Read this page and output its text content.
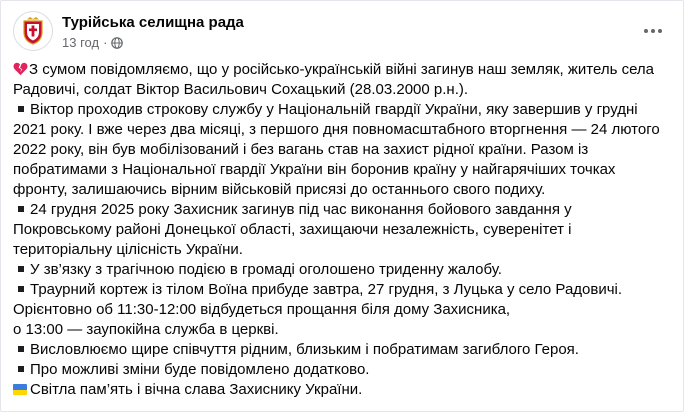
Турійська селищна рада
13 год ·
З сумом повідомляємо, що у російсько-українській війні загинув наш земляк, житель села Радовичі, солдат Віктор Васильович Сохацький (28.03.2000 р.н.).
Віктор проходив строкову службу у Національній гвардії України, яку завершив у грудні 2021 року. І вже через два місяці, з першого дня повномасштабного вторгнення — 24 лютого 2022 року, він був мобілізований і без вагань став на захист рідної країни. Разом із побратимами з Національної гвардії України він боронив країну у найгарячіших точках фронту, залишаючись вірним військовій присязі до останнього свого подиху.
24 грудня 2025 року Захисник загинув під час виконання бойового завдання у Покровському районі Донецької області, захищаючи незалежність, суверенітет і територіальну цілісність України.
У зв’язку з трагічною подією в громаді оголошено триденну жалобу.
Траурний кортеж із тілом Воїна прибуде завтра, 27 грудня, з Луцька у село Радовичі.
Орієнтовно об 11:30-12:00 відбудеться прощання біля дому Захисника,
о 13:00 — заупокійна служба в церкві.
Висловлюємо щире співчуття рідним, близьким і побратимам загиблого Героя.
Про можливі зміни буде повідомлено додатково.
Світла пам’ять і вічна слава Захиснику України.
